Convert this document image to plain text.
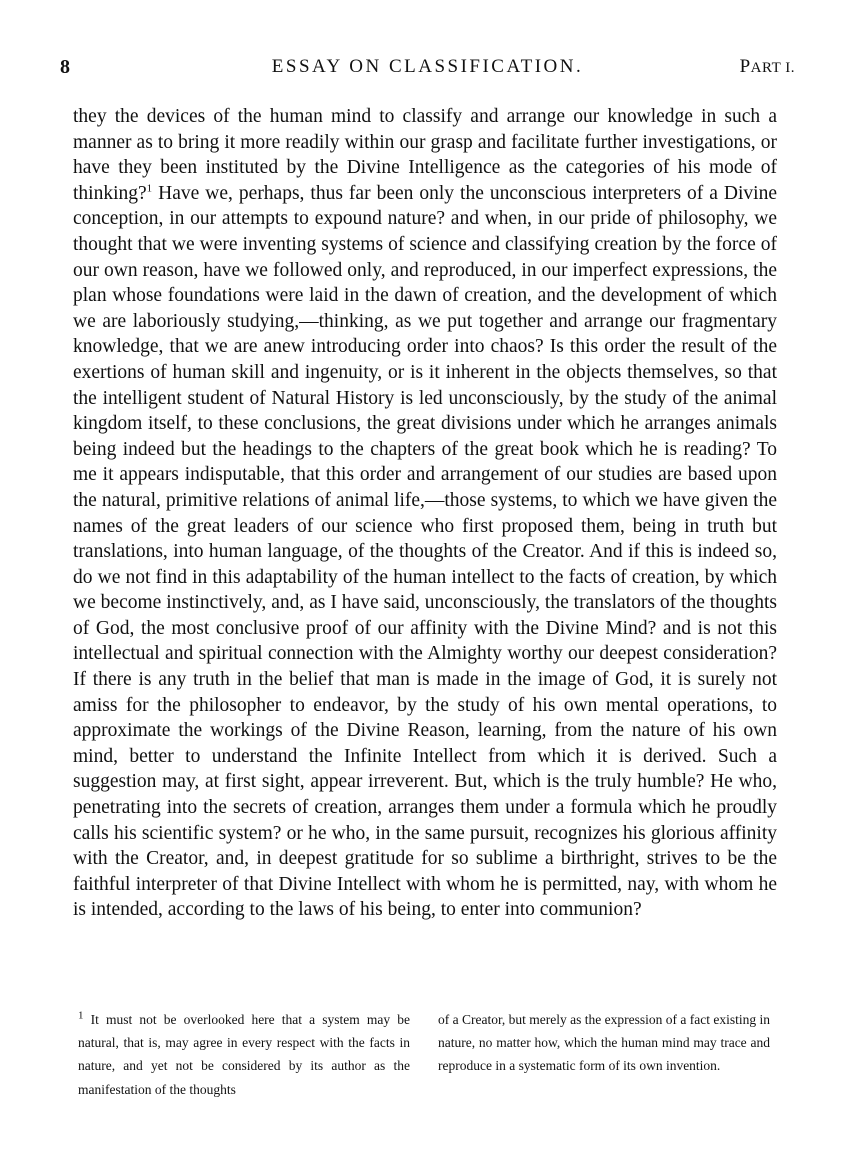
8	ESSAY ON CLASSIFICATION.	PART I.

they the devices of the human mind to classify and arrange our knowledge in such a manner as to bring it more readily within our grasp and facilitate further investigations, or have they been instituted by the Divine Intelligence as the categories of his mode of thinking?$^1$ Have we, perhaps, thus far been only the unconscious interpreters of a Divine conception, in our attempts to expound nature? and when, in our pride of philosophy, we thought that we were inventing systems of science and classifying creation by the force of our own reason, have we followed only, and reproduced, in our imperfect expressions, the plan whose foundations were laid in the dawn of creation, and the development of which we are laboriously studying,—thinking, as we put together and arrange our fragmentary knowledge, that we are anew introducing order into chaos? Is this order the result of the exertions of human skill and ingenuity, or is it inherent in the objects themselves, so that the intelligent student of Natural History is led unconsciously, by the study of the animal kingdom itself, to these conclusions, the great divisions under which he arranges animals being indeed but the headings to the chapters of the great book which he is reading? To me it appears indisputable, that this order and arrangement of our studies are based upon the natural, primitive relations of animal life,—those systems, to which we have given the names of the great leaders of our science who first proposed them, being in truth but translations, into human language, of the thoughts of the Creator. And if this is indeed so, do we not find in this adaptability of the human intellect to the facts of creation, by which we become instinctively, and, as I have said, unconsciously, the translators of the thoughts of God, the most conclusive proof of our affinity with the Divine Mind? and is not this intellectual and spiritual connection with the Almighty worthy our deepest consideration? If there is any truth in the belief that man is made in the image of God, it is surely not amiss for the philosopher to endeavor, by the study of his own mental operations, to approximate the workings of the Divine Reason, learning, from the nature of his own mind, better to understand the Infinite Intellect from which it is derived. Such a suggestion may, at first sight, appear irreverent. But, which is the truly humble? He who, penetrating into the secrets of creation, arranges them under a formula which he proudly calls his scientific system? or he who, in the same pursuit, recognizes his glorious affinity with the Creator, and, in deepest gratitude for so sublime a birthright, strives to be the faithful interpreter of that Divine Intellect with whom he is permitted, nay, with whom he is intended, according to the laws of his being, to enter into communion?

$^1$ It must not be overlooked here that a system may be natural, that is, may agree in every respect with the facts in nature, and yet not be considered by its author as the manifestation of the thoughts
of a Creator, but merely as the expression of a fact existing in nature, no matter how, which the human mind may trace and reproduce in a systematic form of its own invention.
